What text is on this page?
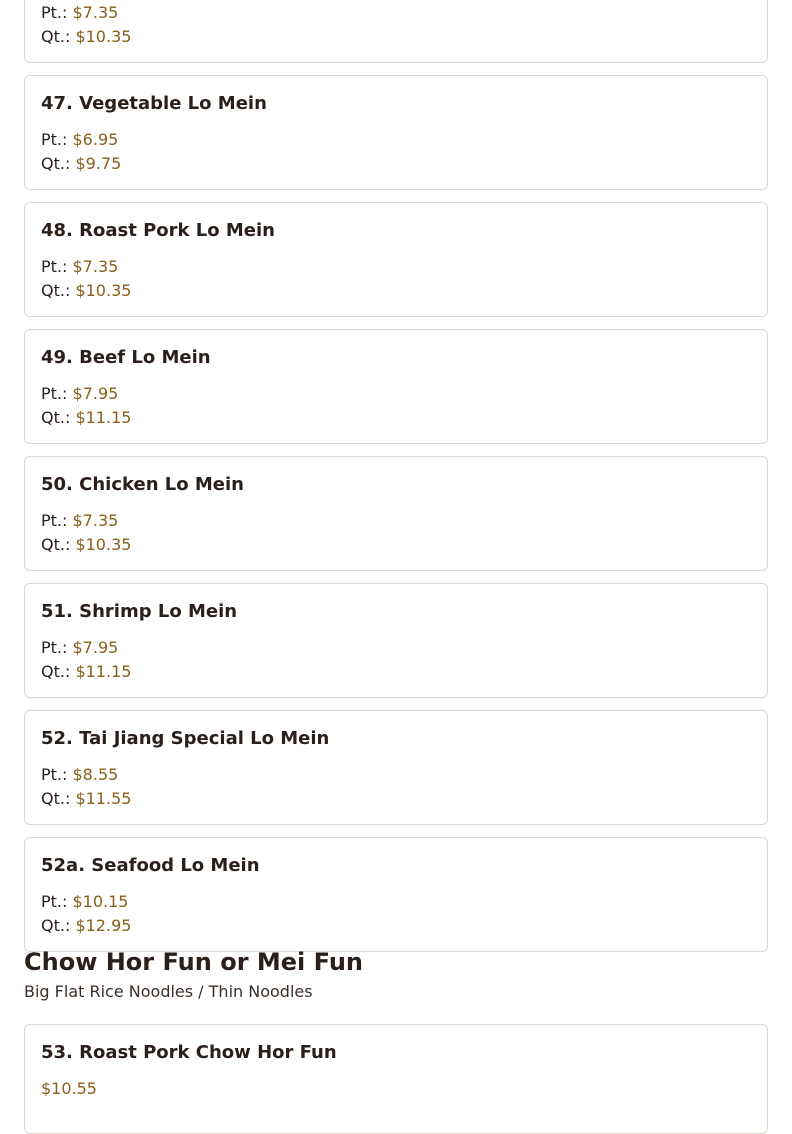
Pt.: $7.35
Qt.: $10.35
47. Vegetable Lo Mein
Pt.: $6.95
Qt.: $9.75
48. Roast Pork Lo Mein
Pt.: $7.35
Qt.: $10.35
49. Beef Lo Mein
Pt.: $7.95
Qt.: $11.15
50. Chicken Lo Mein
Pt.: $7.35
Qt.: $10.35
51. Shrimp Lo Mein
Pt.: $7.95
Qt.: $11.15
52. Tai Jiang Special Lo Mein
Pt.: $8.55
Qt.: $11.55
52a. Seafood Lo Mein
Pt.: $10.15
Qt.: $12.95
Chow Hor Fun or Mei Fun
Big Flat Rice Noodles / Thin Noodles
53. Roast Pork Chow Hor Fun
$10.55
